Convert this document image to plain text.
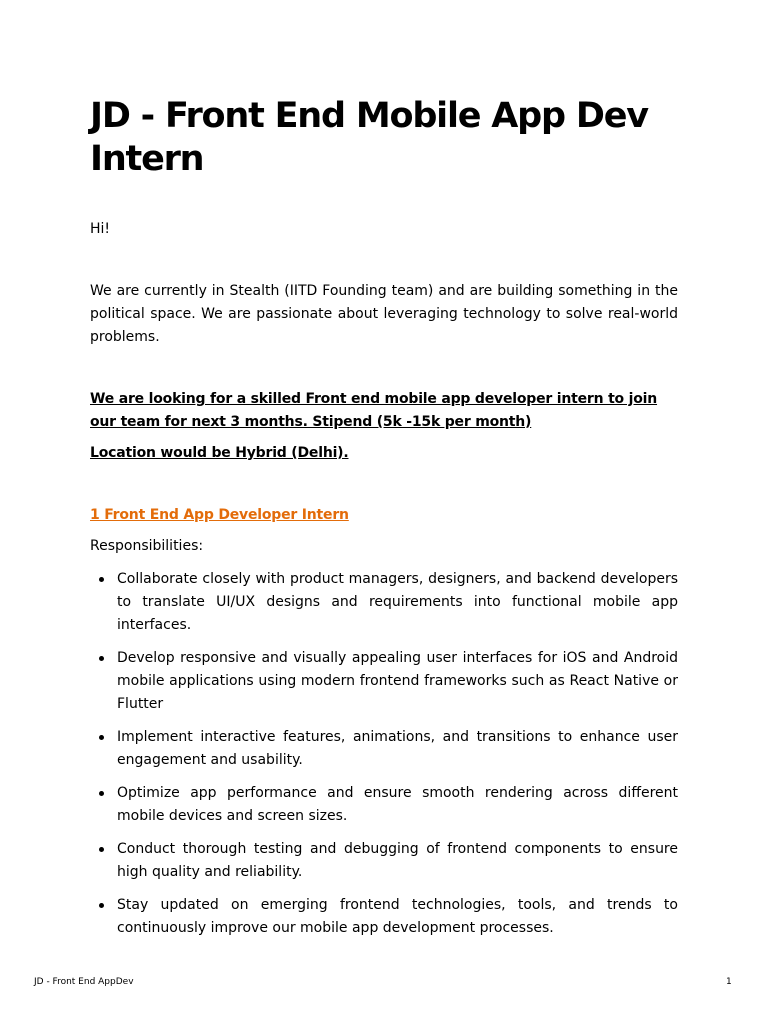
JD - Front End Mobile App Dev Intern

Hi!

We are currently in Stealth (IITD Founding team) and are building something in the political space. We are passionate about leveraging technology to solve real-world problems.

We are looking for a skilled Front end mobile app developer intern to join our team for next 3 months. Stipend (5k -15k per month)

Location would be Hybrid (Delhi).

1 Front End App Developer Intern

Responsibilities:

Collaborate closely with product managers, designers, and backend developers to translate UI/UX designs and requirements into functional mobile app interfaces.
Develop responsive and visually appealing user interfaces for iOS and Android mobile applications using modern frontend frameworks such as React Native or Flutter
Implement interactive features, animations, and transitions to enhance user engagement and usability.
Optimize app performance and ensure smooth rendering across different mobile devices and screen sizes.
Conduct thorough testing and debugging of frontend components to ensure high quality and reliability.
Stay updated on emerging frontend technologies, tools, and trends to continuously improve our mobile app development processes.
JD - Front End AppDev	1
